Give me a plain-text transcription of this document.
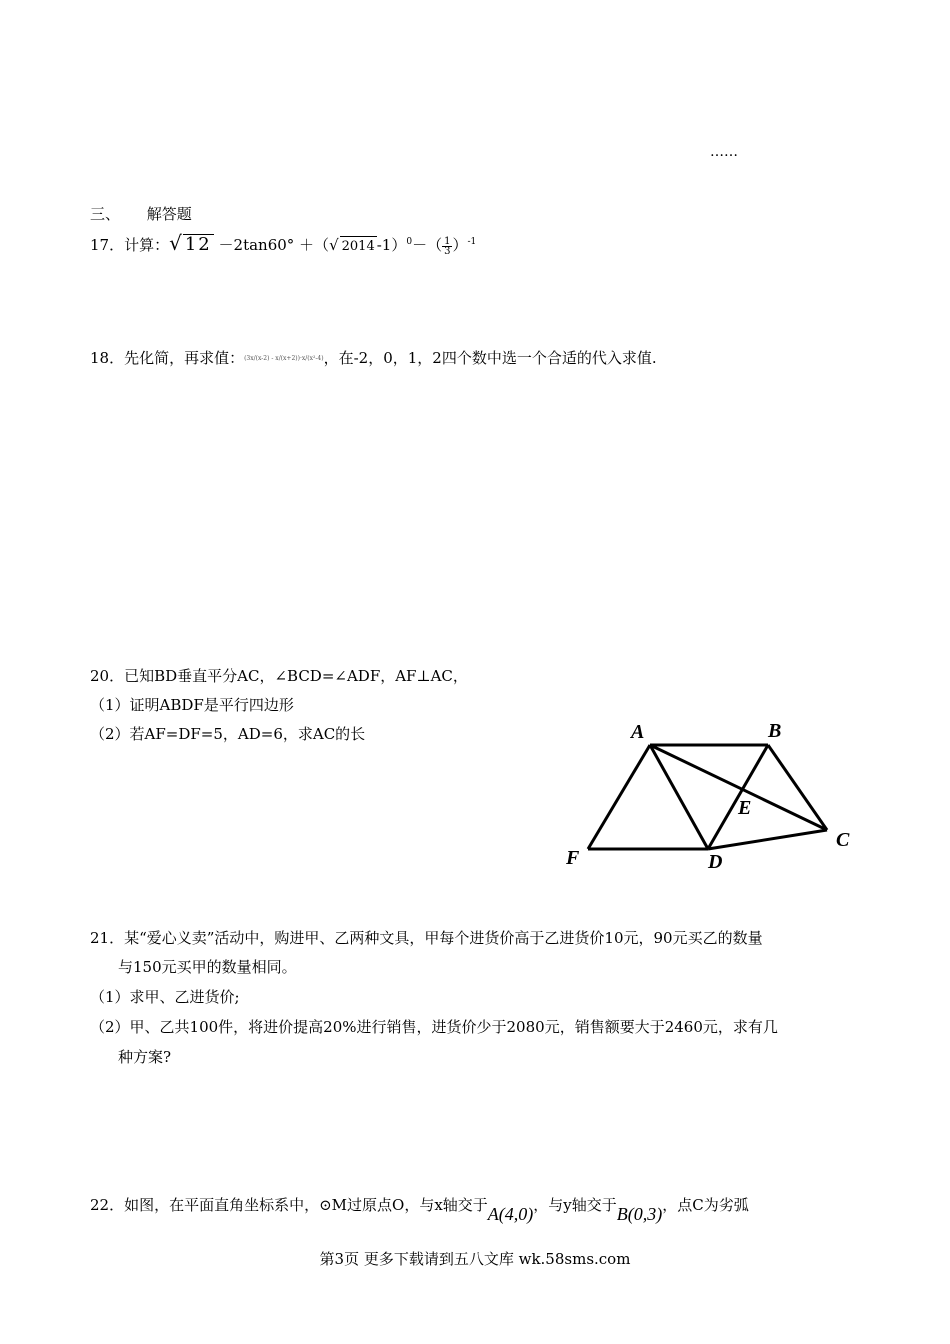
……
三、 解答题
17．计算：√ 12 －2tan60° ＋（√ 2014 $-1)^0-( \frac{1}{3})^{-1}$
18．先化简，再求值：(3x/(x-2) - x/(x+2))·x/(x²-4)，在-2，0，1，2四个数中选一个合适的代入求值.
20．已知BD垂直平分AC，∠BCD=∠ADF，AF⊥AC，
（1）证明ABDF是平行四边形
（2）若AF=DF=5，AD=6，求AC的长	A	B
C
D
E
F
21．某“爱心义卖”活动中，购进甲、乙两种文具，甲每个进货价高于乙进货价10元，90元买乙的数量
与150元买甲的数量相同。
（1）求甲、乙进货价;
（2）甲、乙共100件，将进价提高20%进行销售，进货价少于2080元，销售额要大于2460元，求有几
种方案?
22．如图，在平面直角坐标系中，⊙M过原点O，与x轴交于A(4,0)，与y轴交于B(0,3)，点C为劣弧
第3页 更多下载请到五八文库 wk.58sms.com
